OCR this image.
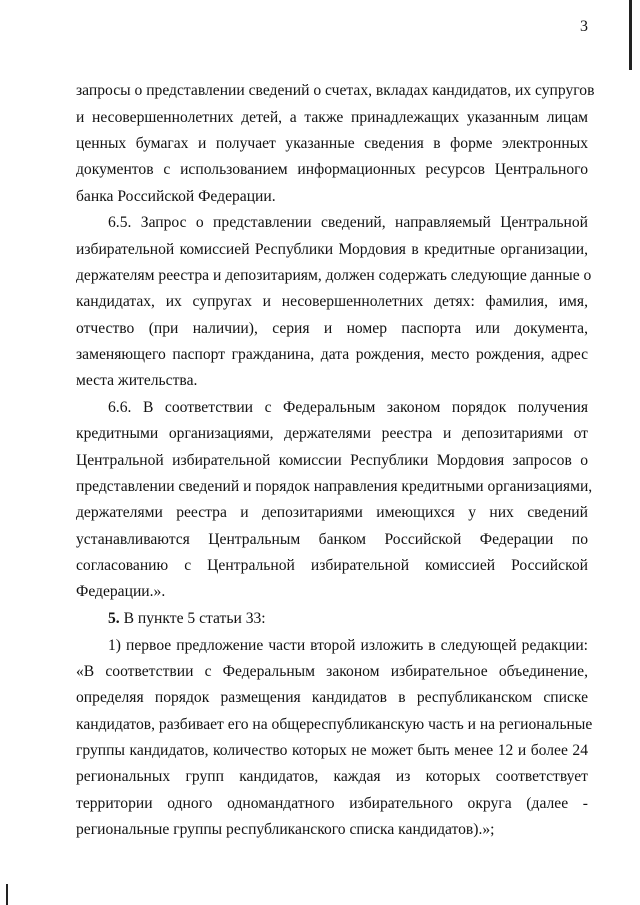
3
запросы о представлении сведений о счетах, вкладах кандидатов, их супругов
и несовершеннолетних детей, а также принадлежащих указанным лицам
ценных бумагах и получает указанные сведения в форме электронных
документов с использованием информационных ресурсов Центрального
банка Российской Федерации.
6.5. Запрос о представлении сведений, направляемый Центральной
избирательной комиссией Республики Мордовия в кредитные организации,
держателям реестра и депозитариям, должен содержать следующие данные о
кандидатах, их супругах и несовершеннолетних детях: фамилия, имя,
отчество (при наличии), серия и номер паспорта или документа,
заменяющего паспорт гражданина, дата рождения, место рождения, адрес
места жительства.
6.6. В соответствии с Федеральным законом порядок получения
кредитными организациями, держателями реестра и депозитариями от
Центральной избирательной комиссии Республики Мордовия запросов о
представлении сведений и порядок направления кредитными организациями,
держателями реестра и депозитариями имеющихся у них сведений
устанавливаются Центральным банком Российской Федерации по
согласованию с Центральной избирательной комиссией Российской
Федерации.».
5. В пункте 5 статьи 33:
1) первое предложение части второй изложить в следующей редакции:
«В соответствии с Федеральным законом избирательное объединение,
определяя порядок размещения кандидатов в республиканском списке
кандидатов, разбивает его на общереспубликанскую часть и на региональные
группы кандидатов, количество которых не может быть менее 12 и более 24
региональных групп кандидатов, каждая из которых соответствует
территории одного одномандатного избирательного округа (далее -
региональные группы республиканского списка кандидатов).»;
